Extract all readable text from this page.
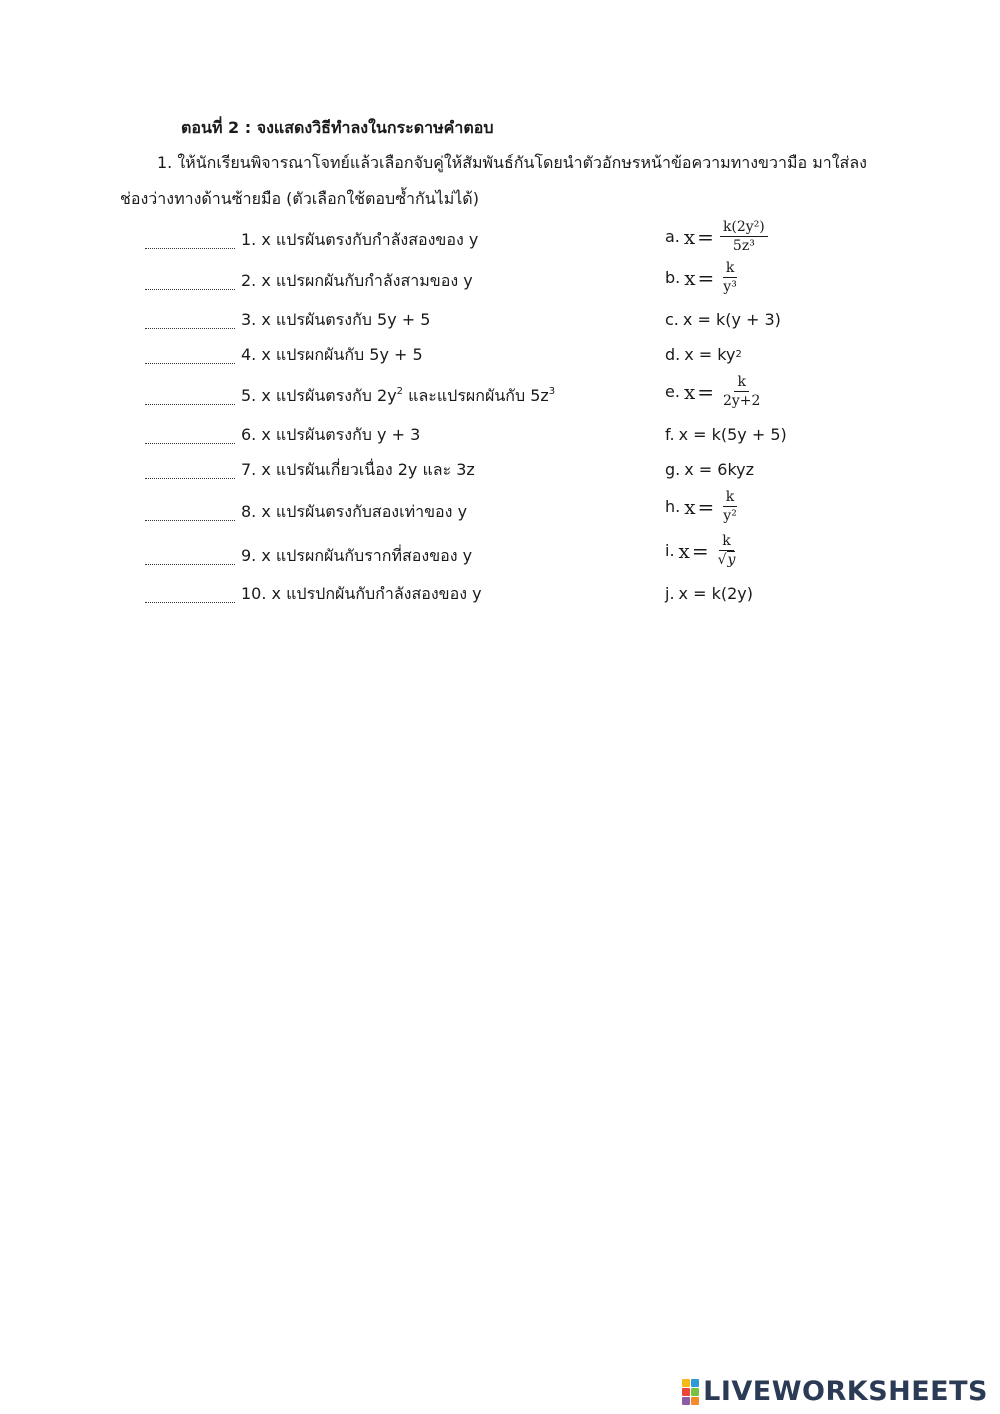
ตอนที่ 2 : จงแสดงวิธีทำลงในกระดาษคำตอบ
1. ให้นักเรียนพิจารณาโจทย์แล้วเลือกจับคู่ให้สัมพันธ์กันโดยนำตัวอักษรหน้าข้อความทางขวามือ มาใส่ลง
ช่องว่างทางด้านซ้ายมือ (ตัวเลือกใช้ตอบซ้ำกันไม่ได้)
1. x แปรผันตรงกับกำลังสองของ y
2. x แปรผกผันกับกำลังสามของ y
3. x แปรผันตรงกับ 5y + 5
4. x แปรผกผันกับ 5y + 5
5. x แปรผันตรงกับ $2y^2$ และแปรผกผันกับ $5z^3$
6. x แปรผันตรงกับ y + 3
7. x แปรผันเกี่ยวเนื่อง 2y และ 3z
8. x แปรผันตรงกับสองเท่าของ y
9. x แปรผกผันกับรากที่สองของ y
10. x แปรปกผันกับกำลังสองของ y
a. $x = \frac{\text{k(2y²)}}{\text{5z³}}$
b. $x = \frac{k}{\text{y³}}$
c. x = k(y + 3)
d. x = ky 2
e. $x = \frac{k}{2y+2}$
f. x = k(5y + 5)
g. x = 6kyz
h. $x = \frac{k}{\text{y²}}$
i. $x = \frac{k}{√y}$
j. x = k(2y)
LIVEWORKSHEETS
